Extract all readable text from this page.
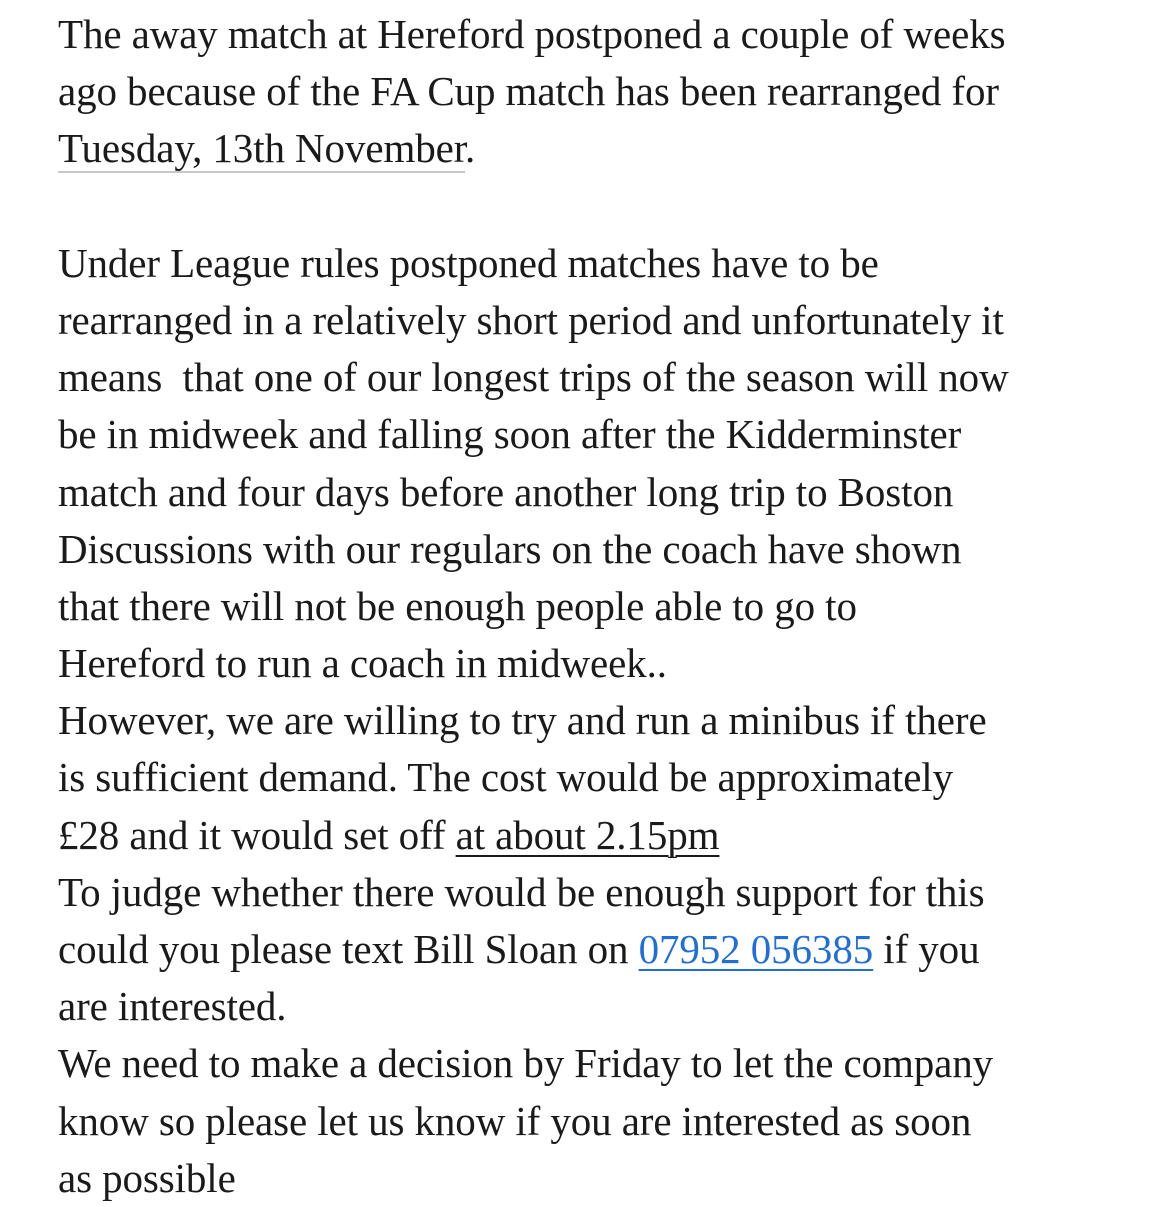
The away match at Hereford postponed a couple of weeks
ago because of the FA Cup match has been rearranged for
Tuesday, 13th November.
Under League rules postponed matches have to be
rearranged in a relatively short period and unfortunately it
means  that one of our longest trips of the season will now
be in midweek and falling soon after the Kidderminster
match and four days before another long trip to Boston
Discussions with our regulars on the coach have shown
that there will not be enough people able to go to
Hereford to run a coach in midweek..
However, we are willing to try and run a minibus if there
is sufficient demand. The cost would be approximately
£28 and it would set off at about 2.15pm
To judge whether there would be enough support for this
could you please text Bill Sloan on 07952 056385 if you
are interested.
We need to make a decision by Friday to let the company
know so please let us know if you are interested as soon
as possible
